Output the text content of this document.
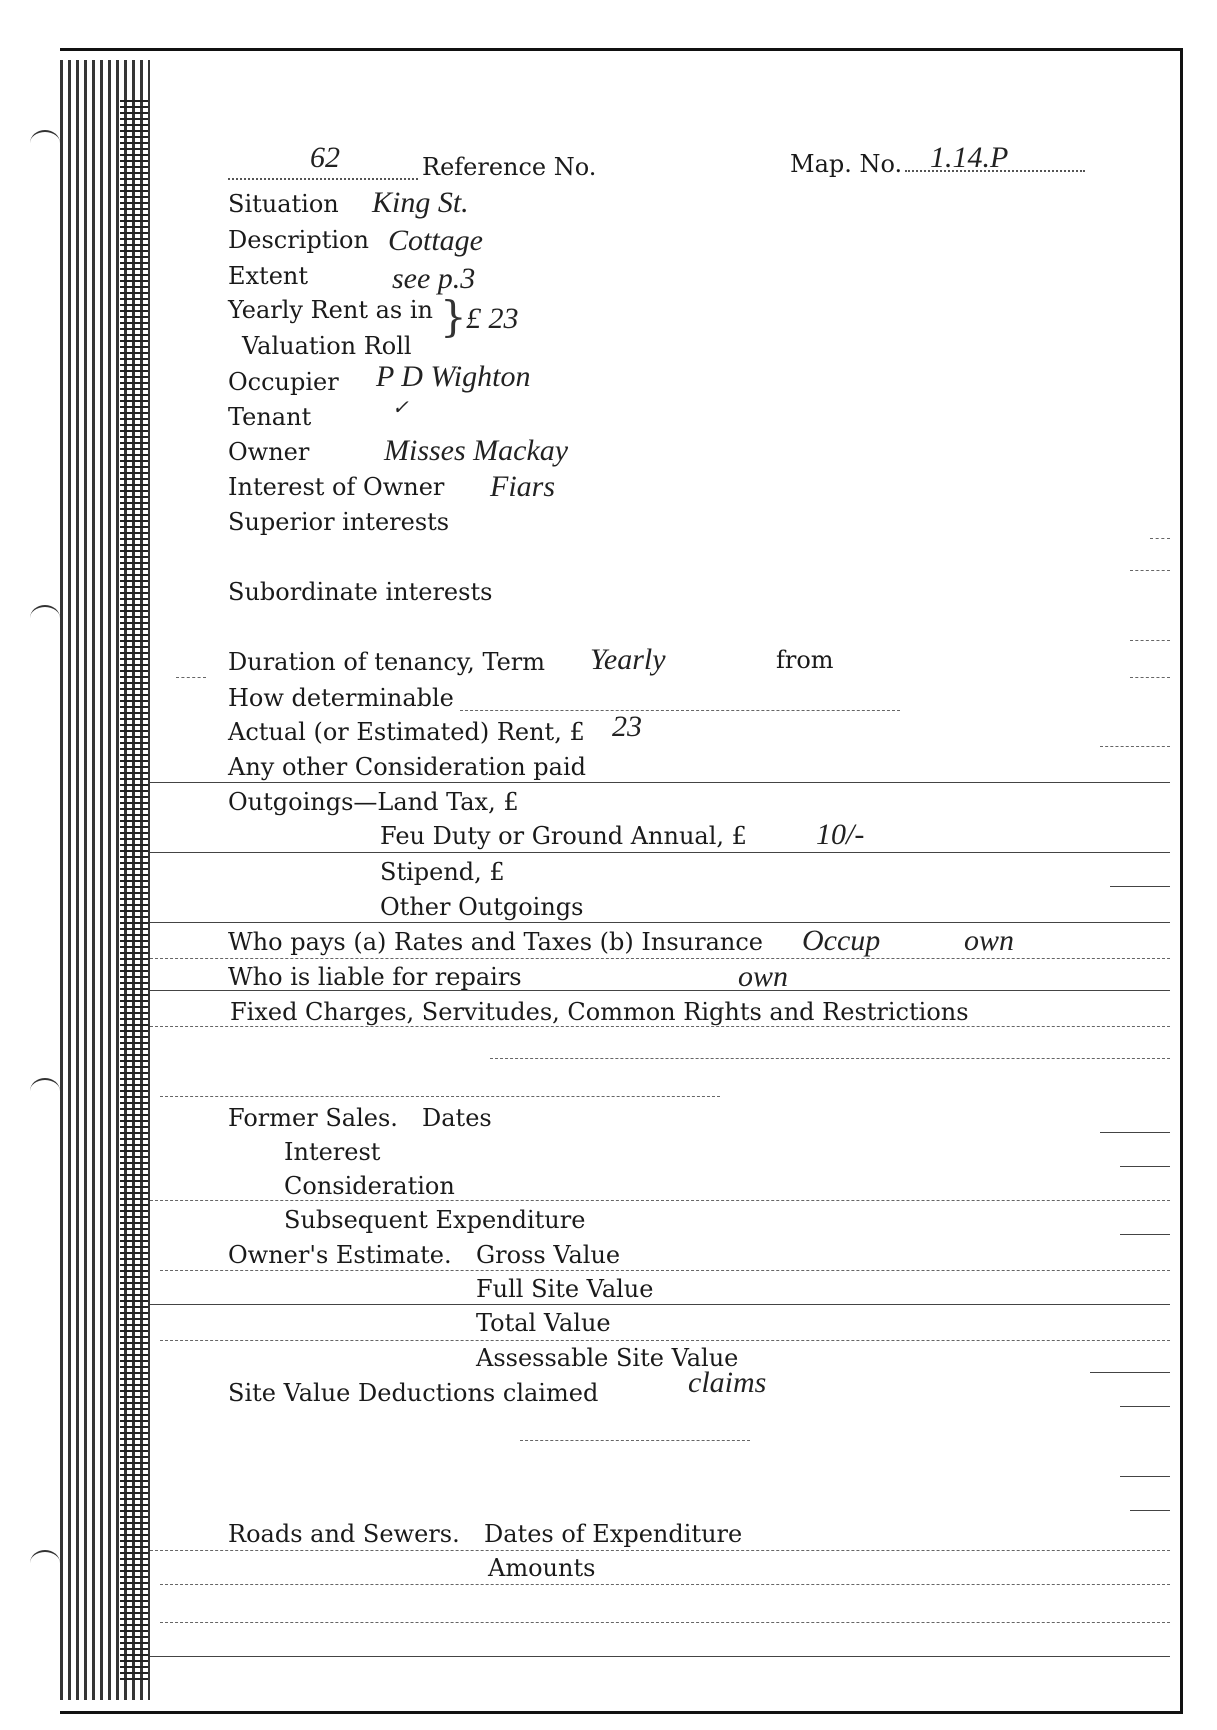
62	Reference No.	Map. No. 1.14.P
Situation King St.
Description Cottage
Extent	see p.3
Yearly Rent as in
Valuation Roll
} £ 23
Occupier P D Wighton
Tenant	✓
Owner Misses Mackay
Interest of Owner Fiars
Superior interests
Subordinate interests
Duration of tenancy, Term Yearly	from
How determinable
Actual (or Estimated) Rent, £ 23
Any other Consideration paid
Outgoings—Land Tax, £
Feu Duty or Ground Annual, £ 10/-
Stipend, £
Other Outgoings
Who pays (a) Rates and Taxes (b) Insurance Occup	own
Who is liable for repairs	own
Fixed Charges, Servitudes, Common Rights and Restrictions
Former Sales. Dates
Interest
Consideration
Subsequent Expenditure
Owner's Estimate. Gross Value
Full Site Value
Total Value
Assessable Site Value
Site Value Deductions claimed	claims
Roads and Sewers. Dates of Expenditure
Amounts
